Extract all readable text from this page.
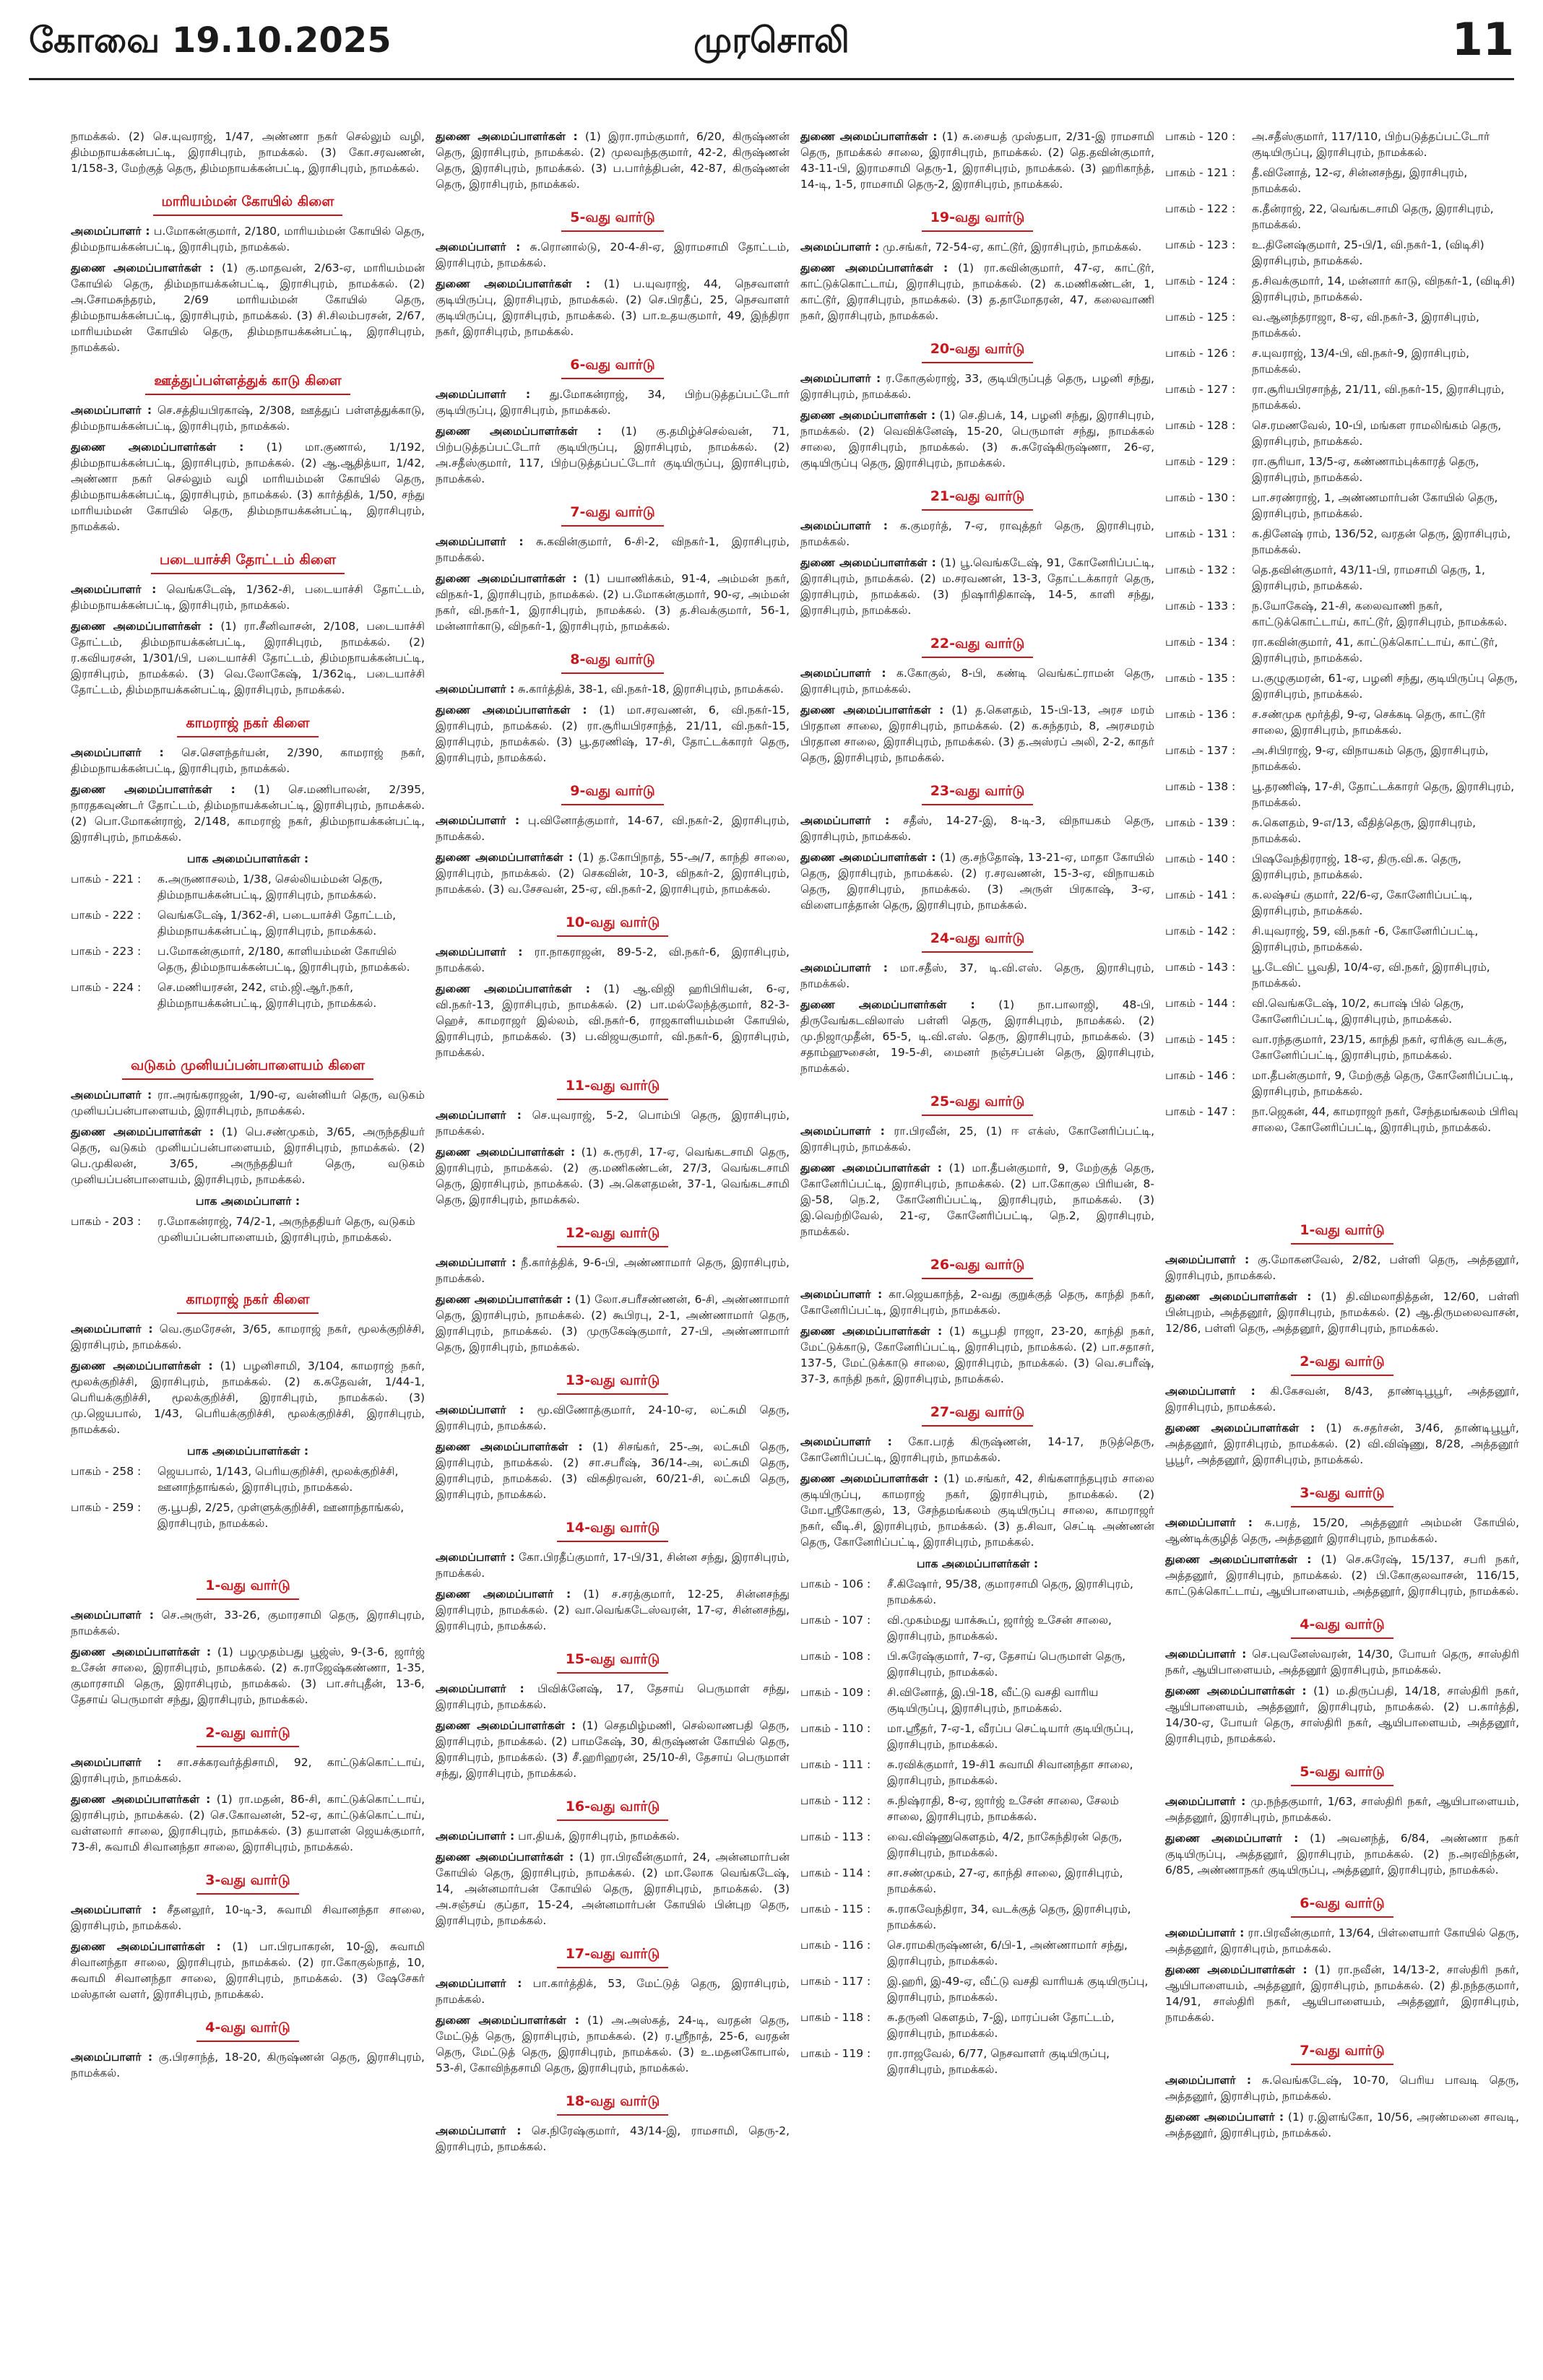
கோவை 19.10.2025	முரசொலி	11

நாமக்கல். (2) செ.யுவராஜ், 1/47, அண்ணா நகர் செல்லும் வழி, திம்மநாயக்கன்பட்டி, இராசிபுரம், நாமக்கல். (3) கோ.சரவணன், 1/158-3, மேற்குத் தெரு, திம்மநாயக்கன்பட்டி, இராசிபுரம், நாமக்கல்.

மாரியம்மன் கோயில் கிளை

அமைப்பாளர் : ப.மோகன்குமார், 2/180, மாரியம்மன் கோயில் தெரு, திம்மநாயக்கன்பட்டி, இராசிபுரம், நாமக்கல்.

துணை அமைப்பாளர்கள் : (1) கு.மாதவன், 2/63-ஏ, மாரியம்மன் கோயில் தெரு, திம்மநாயக்கன்பட்டி, இராசிபுரம், நாமக்கல். (2) அ.சோமசுந்தரம், 2/69 மாரியம்மன் கோயில் தெரு, திம்மநாயக்கன்பட்டி, இராசிபுரம், நாமக்கல். (3) சி.சிலம்பரசன், 2/67, மாரியம்மன் கோயில் தெரு, திம்மநாயக்கன்பட்டி, இராசிபுரம், நாமக்கல்.

ஊத்துப்பள்ளத்துக் காடு கிளை

அமைப்பாளர் : செ.சத்தியபிரகாஷ், 2/308, ஊத்துப் பள்ளத்துக்காடு, திம்மநாயக்கன்பட்டி, இராசிபுரம், நாமக்கல்.

துணை அமைப்பாளர்கள் : (1) மா.குணால், 1/192, திம்மநாயக்கன்பட்டி, இராசிபுரம், நாமக்கல். (2) ஆ.ஆதித்யா, 1/42, அண்ணா நகர் செல்லும் வழி மாரியம்மன் கோயில் தெரு, திம்மநாயக்கன்பட்டி, இராசிபுரம், நாமக்கல். (3) கார்த்திக், 1/50, சந்து மாரியம்மன் கோயில் தெரு, திம்மநாயக்கன்பட்டி, இராசிபுரம், நாமக்கல்.

படையாச்சி தோட்டம் கிளை

அமைப்பாளர் : வெங்கடேஷ், 1/362-சி, படையாச்சி தோட்டம், திம்மநாயக்கன்பட்டி, இராசிபுரம், நாமக்கல்.

துணை அமைப்பாளர்கள் : (1) ரா.சீனிவாசன், 2/108, படையாச்சி தோட்டம், திம்மநாயக்கன்பட்டி, இராசிபுரம், நாமக்கல். (2) ர.கவியரசன், 1/301/பி, படையாச்சி தோட்டம், திம்மநாயக்கன்பட்டி, இராசிபுரம், நாமக்கல். (3) வெ.லோகேஷ், 1/362டி, படையாச்சி தோட்டம், திம்மநாயக்கன்பட்டி, இராசிபுரம், நாமக்கல்.

காமராஜ் நகர் கிளை

அமைப்பாளர் : செ.சௌந்தர்யன், 2/390, காமராஜ் நகர், திம்மநாயக்கன்பட்டி, இராசிபுரம், நாமக்கல்.

துணை அமைப்பாளர்கள் : (1) செ.மணிபாலன், 2/395, நாரதகவுண்டர் தோட்டம், திம்மநாயக்கன்பட்டி, இராசிபுரம், நாமக்கல். (2) பொ.மோகன்ராஜ், 2/148, காமராஜ் நகர், திம்மநாயக்கன்பட்டி, இராசிபுரம், நாமக்கல்.

பாக அமைப்பாளர்கள் :
பாகம் - 221 :	க.அருணாசலம், 1/38, செல்லியம்மன் தெரு, திம்மநாயக்கன்பட்டி, இராசிபுரம், நாமக்கல்.
பாகம் - 222 :	வெங்கடேஷ், 1/362-சி, படையாச்சி தோட்டம், திம்மநாயக்கன்பட்டி, இராசிபுரம், நாமக்கல்.
பாகம் - 223 :	ப.மோகன்குமார், 2/180, காளியம்மன் கோயில் தெரு, திம்மநாயக்கன்பட்டி, இராசிபுரம், நாமக்கல்.
பாகம் - 224 :	செ.மணியரசன், 242, எம்.ஜி.ஆர்.நகர், திம்மநாயக்கன்பட்டி, இராசிபுரம், நாமக்கல்.
வடுகம் முனியப்பன்பாளையம் கிளை

அமைப்பாளர் : ரா.அரங்கராஜன், 1/90-ஏ, வன்னியர் தெரு, வடுகம் முனியப்பன்பாளையம், இராசிபுரம், நாமக்கல்.

துணை அமைப்பாளர்கள் : (1) பெ.சண்முகம், 3/65, அருந்ததியர் தெரு, வடுகம் முனியப்பன்பாளையம், இராசிபுரம், நாமக்கல். (2) பெ.முகிலன், 3/65, அருந்ததியர் தெரு, வடுகம் முனியப்பன்பாளையம், இராசிபுரம், நாமக்கல்.

பாக அமைப்பாளர் :
பாகம் - 203 :	ர.மோகன்ராஜ், 74/2-1, அருந்ததியர் தெரு, வடுகம் முனியப்பன்பாளையம், இராசிபுரம், நாமக்கல்.
காமராஜ் நகர் கிளை

அமைப்பாளர் : வெ.குமரேசன், 3/65, காமராஜ் நகர், மூலக்குறிச்சி, இராசிபுரம், நாமக்கல்.

துணை அமைப்பாளர்கள் : (1) பழனிசாமி, 3/104, காமராஜ் நகர், மூலக்குறிச்சி, இராசிபுரம், நாமக்கல். (2) க.சுதேவன், 1/44-1, பெரியக்குறிச்சி, மூலக்குறிச்சி, இராசிபுரம், நாமக்கல். (3) மு.ஜெயபால், 1/43, பெரியக்குறிச்சி, மூலக்குறிச்சி, இராசிபுரம், நாமக்கல்.

பாக அமைப்பாளர்கள் :
பாகம் - 258 :	ஜெயபால், 1/143, பெரியகுறிச்சி, மூலக்குறிச்சி, ஊனாந்தாங்கல், இராசிபுரம், நாமக்கல்.
பாகம் - 259 :	கு.பூபதி, 2/25, முள்ளுக்குறிச்சி, ஊனாந்தாங்கல், இராசிபுரம், நாமக்கல்.
1-வது வார்டு

அமைப்பாளர் : செ.அருள், 33-26, குமாரசாமி தெரு, இராசிபுரம், நாமக்கல்.

துணை அமைப்பாளர்கள் : (1) பழமுதம்பது பூஜ்ஸ், 9-(3-6, ஜார்ஜ் உசேன் சாலை, இராசிபுரம், நாமக்கல். (2) சு.ராஜேஷ்கண்ணா, 1-35, குமாரசாமி தெரு, இராசிபுரம், நாமக்கல். (3) பா.சர்புதீன், 13-6, தேசாய் பெருமாள் சந்து, இராசிபுரம், நாமக்கல்.

2-வது வார்டு

அமைப்பாளர் : சா.சக்கரவர்த்திசாமி, 92, காட்டுக்கொட்டாய், இராசிபுரம், நாமக்கல்.

துணை அமைப்பாளர்கள் : (1) ரா.மதன், 86-சி, காட்டுக்கொட்டாய், இராசிபுரம், நாமக்கல். (2) செ.கோவனன், 52-ஏ, காட்டுக்கொட்டாய், வள்ளலார் சாலை, இராசிபுரம், நாமக்கல். (3) தயாளன் ஜெயக்குமார், 73-சி, சுவாமி சிவானந்தா சாலை, இராசிபுரம், நாமக்கல்.

3-வது வார்டு

அமைப்பாளர் : சீதனலூர், 10-டி-3, சுவாமி சிவானந்தா சாலை, இராசிபுரம், நாமக்கல்.

துணை அமைப்பாளர்கள் : (1) பா.பிரபாகரன், 10-இ, சுவாமி சிவானந்தா சாலை, இராசிபுரம், நாமக்கல். (2) ரா.கோகுல்நாத், 10, சுவாமி சிவானந்தா சாலை, இராசிபுரம், நாமக்கல். (3) ஷேசேகர் மஸ்தான் வளர், இராசிபுரம், நாமக்கல்.

4-வது வார்டு

அமைப்பாளர் : கு.பிரசாந்த், 18-20, கிருஷ்ணன் தெரு, இராசிபுரம், நாமக்கல்.

துணை அமைப்பாளர்கள் : (1) இரா.ராம்குமார், 6/20, கிருஷ்ணன் தெரு, இராசிபுரம், நாமக்கல். (2) முலவந்தகுமார், 42-2, கிருஷ்ணன் தெரு, இராசிபுரம், நாமக்கல். (3) ப.பார்த்திபன், 42-87, கிருஷ்ணன் தெரு, இராசிபுரம், நாமக்கல்.

5-வது வார்டு

அமைப்பாளர் : சு.ரொனால்டு, 20-4-சி-ஏ, இராமசாமி தோட்டம், இராசிபுரம், நாமக்கல்.

துணை அமைப்பாளர்கள் : (1) ப.யுவராஜ், 44, நெசவாளர் குடியிருப்பு, இராசிபுரம், நாமக்கல். (2) செ.பிரதீப், 25, நெசவாளர் குடியிருப்பு, இராசிபுரம், நாமக்கல். (3) பா.உதயகுமார், 49, இந்திரா நகர், இராசிபுரம், நாமக்கல்.

6-வது வார்டு

அமைப்பாளர் : து.மோகன்ராஜ், 34, பிற்படுத்தப்பட்டோர் குடியிருப்பு, இராசிபுரம், நாமக்கல்.

துணை அமைப்பாளர்கள் : (1) கு.தமிழ்ச்செல்வன், 71, பிற்படுத்தப்பட்டோர் குடியிருப்பு, இராசிபுரம், நாமக்கல். (2) அ.சதீஸ்குமார், 117, பிற்படுத்தப்பட்டோர் குடியிருப்பு, இராசிபுரம், நாமக்கல்.

7-வது வார்டு

அமைப்பாளர் : சு.கவின்குமார், 6-சி-2, விநகர்-1, இராசிபுரம், நாமக்கல்.

துணை அமைப்பாளர்கள் : (1) பயாணிக்கம், 91-4, அம்மன் நகர், விநகர்-1, இராசிபுரம், நாமக்கல். (2) ப.மோகன்குமார், 90-ஏ, அம்மன் நகர், வி.நகர்-1, இராசிபுரம், நாமக்கல். (3) த.சிவக்குமார், 56-1, மன்னார்காடு, விநகர்-1, இராசிபுரம், நாமக்கல்.

8-வது வார்டு

அமைப்பாளர் : சு.கார்த்திக், 38-1, வி.நகர்-18, இராசிபுரம், நாமக்கல்.

துணை அமைப்பாளர்கள் : (1) மா.சரவணன், 6, வி.நகர்-15, இராசிபுரம், நாமக்கல். (2) ரா.சூரியபிரசாந்த், 21/11, வி.நகர்-15, இராசிபுரம், நாமக்கல். (3) பூ.தரணிஷ், 17-சி, தோட்டக்காரர் தெரு, இராசிபுரம், நாமக்கல்.

9-வது வார்டு

அமைப்பாளர் : பு.வினோத்குமார், 14-67, வி.நகர்-2, இராசிபுரம், நாமக்கல்.

துணை அமைப்பாளர்கள் : (1) த.கோபிநாத், 55-அ/7, காந்தி சாலை, இராசிபுரம், நாமக்கல். (2) செகவின், 10-3, விநகர்-2, இராசிபுரம், நாமக்கல். (3) வ.சேசவன், 25-ஏ, வி.நகர்-2, இராசிபுரம், நாமக்கல்.

10-வது வார்டு

அமைப்பாளர் : ரா.நாகராஜன், 89-5-2, வி.நகர்-6, இராசிபுரம், நாமக்கல்.

துணை அமைப்பாளர்கள் : (1) ஆ.விஜி ஹரிபிரியன், 6-ஏ, வி.நகர்-13, இராசிபுரம், நாமக்கல். (2) பா.மல்லேந்த்குமார், 82-3-ஹெச், காமராஜர் இல்லம், வி.நகர்-6, ராஜகாளியம்மன் கோயில், இராசிபுரம், நாமக்கல். (3) ப.விஜயகுமார், வி.நகர்-6, இராசிபுரம், நாமக்கல்.

11-வது வார்டு

அமைப்பாளர் : செ.யுவராஜ், 5-2, பொம்பி தெரு, இராசிபுரம், நாமக்கல்.

துணை அமைப்பாளர்கள் : (1) சு.ரூரசி, 17-ஏ, வெங்கடசாமி தெரு, இராசிபுரம், நாமக்கல். (2) கு.மணிகண்டன், 27/3, வெங்கடசாமி தெரு, இராசிபுரம், நாமக்கல். (3) அ.கௌதமன், 37-1, வெங்கடசாமி தெரு, இராசிபுரம், நாமக்கல்.

12-வது வார்டு

அமைப்பாளர் : நீ.கார்த்திக், 9-6-பி, அண்ணாமார் தெரு, இராசிபுரம், நாமக்கல்.

துணை அமைப்பாளர்கள் : (1) லோ.சபரீசண்ணன், 6-சி, அண்ணாமார் தெரு, இராசிபுரம், நாமக்கல். (2) கூபிரபு, 2-1, அண்ணாமார் தெரு, இராசிபுரம், நாமக்கல். (3) முருகேஷ்குமார், 27-பி, அண்ணாமார் தெரு, இராசிபுரம், நாமக்கல்.

13-வது வார்டு

அமைப்பாளர் : மூ.விணோத்குமார், 24-10-ஏ, லட்சுமி தெரு, இராசிபுரம், நாமக்கல்.

துணை அமைப்பாளர்கள் : (1) சிசங்கர், 25-அ, லட்சுமி தெரு, இராசிபுரம், நாமக்கல். (2) சா.சபரீஷ், 36/14-அ, லட்சுமி தெரு, இராசிபுரம், நாமக்கல். (3) விகதிரவன், 60/21-சி, லட்சுமி தெரு, இராசிபுரம், நாமக்கல்.

14-வது வார்டு

அமைப்பாளர் : கோ.பிரதீப்குமார், 17-பி/31, சின்ன சந்து, இராசிபுரம், நாமக்கல்.

துணை அமைப்பாளர் : (1) ச.சரத்குமார், 12-25, சின்னசந்து இராசிபுரம், நாமக்கல். (2) வா.வெங்கடேஸ்வரன், 17-ஏ, சின்னசந்து, இராசிபுரம், நாமக்கல்.

15-வது வார்டு

அமைப்பாளர் : பிவிக்னேஷ், 17, தேசாய் பெருமாள் சந்து, இராசிபுரம், நாமக்கல்.

துணை அமைப்பாளர்கள் : (1) செதமிழ்மணி, செல்லாணபதி தெரு, இராசிபுரம், நாமக்கல். (2) பாமகேஷ், 30, கிருஷ்ணன் கோயில் தெரு, இராசிபுரம், நாமக்கல். (3) சீ.ஹரிஹரன், 25/10-சி, தேசாய் பெருமாள் சந்து, இராசிபுரம், நாமக்கல்.

16-வது வார்டு

அமைப்பாளர் : பா.தியக், இராசிபுரம், நாமக்கல்.

துணை அமைப்பாளர்கள் : (1) ரா.பிரவீன்குமார், 24, அன்னமார்பன் கோயில் தெரு, இராசிபுரம், நாமக்கல். (2) மா.லோக வெங்கடேஷ், 14, அன்னமார்பன் கோயில் தெரு, இராசிபுரம், நாமக்கல். (3) அ.சஞ்சய் குப்தா, 15-24, அன்னமார்பன் கோயில் பின்புற தெரு, இராசிபுரம், நாமக்கல்.

17-வது வார்டு

அமைப்பாளர் : பா.கார்த்திக், 53, மேட்டுத் தெரு, இராசிபுரம், நாமக்கல்.

துணை அமைப்பாளர்கள் : (1) அ.அஸ்கத், 24-டி, வரதன் தெரு, மேட்டுத் தெரு, இராசிபுரம், நாமக்கல். (2) ர.ஸ்ரீநாத், 25-6, வரதன் தெரு, மேட்டுத் தெரு, இராசிபுரம், நாமக்கல். (3) உ.மதனகோபால், 53-சி, கோவிந்தசாமி தெரு, இராசிபுரம், நாமக்கல்.

18-வது வார்டு

அமைப்பாளர் : செ.நிரேஷ்குமார், 43/14-இ, ராமசாமி, தெரு-2, இராசிபுரம், நாமக்கல்.

துணை அமைப்பாளர்கள் : (1) சு.சையத் முஸ்தபா, 2/31-இ ராமசாமி தெரு, நாமக்கல் சாலை, இராசிபுரம், நாமக்கல். (2) தெ.தவின்குமார், 43-11-பி, இராமசாமி தெரு-1, இராசிபுரம், நாமக்கல். (3) ஹரிகாந்த், 14-டி, 1-5, ராமசாமி தெரு-2, இராசிபுரம், நாமக்கல்.

19-வது வார்டு

அமைப்பாளர் : மு.சங்கர், 72-54-ஏ, காட்டூர், இராசிபுரம், நாமக்கல்.

துணை அமைப்பாளர்கள் : (1) ரா.கவின்குமார், 47-ஏ, காட்டூர், காட்டுக்கொட்டாய், இராசிபுரம், நாமக்கல். (2) க.மணிகண்டன், 1, காட்டூர், இராசிபுரம், நாமக்கல். (3) த.தாமோதரன், 47, கலைவாணி நகர், இராசிபுரம், நாமக்கல்.

20-வது வார்டு

அமைப்பாளர் : ர.கோகுல்ராஜ், 33, குடியிருப்புத் தெரு, பழனி சந்து, இராசிபுரம், நாமக்கல்.

துணை அமைப்பாளர்கள் : (1) செ.திபக், 14, பழனி சந்து, இராசிபுரம், நாமக்கல். (2) வெவிக்னேஷ், 15-20, பெருமாள் சந்து, நாமக்கல் சாலை, இராசிபுரம், நாமக்கல். (3) சு.சுரேஷ்கிருஷ்ணா, 26-ஏ, குடியிருப்பு தெரு, இராசிபுரம், நாமக்கல்.

21-வது வார்டு

அமைப்பாளர் : க.குமரர்த், 7-ஏ, ராவுத்தர் தெரு, இராசிபுரம், நாமக்கல்.

துணை அமைப்பாளர்கள் : (1) பூ.வெங்கடேஷ், 91, கோனேரிப்பட்டி, இராசிபுரம், நாமக்கல். (2) ம.சரவணன், 13-3, தோட்டக்காரர் தெரு, இராசிபுரம், நாமக்கல். (3) நிஷாரிதிகாஷ், 14-5, காளி சந்து, இராசிபுரம், நாமக்கல்.

22-வது வார்டு

அமைப்பாளர் : க.கோகுல், 8-பி, கண்டி வெங்கட்ராமன் தெரு, இராசிபுரம், நாமக்கல்.

துணை அமைப்பாளர்கள் : (1) த.கௌதம், 15-பி-13, அரச மரம் பிரதான சாலை, இராசிபுரம், நாமக்கல். (2) க.சுந்தரம், 8, அரசமரம் பிரதான சாலை, இராசிபுரம், நாமக்கல். (3) த.அஸ்ரப் அலி, 2-2, காதர் தெரு, இராசிபுரம், நாமக்கல்.

23-வது வார்டு

அமைப்பாளர் : சதீஸ், 14-27-இ, 8-டி-3, விநாயகம் தெரு, இராசிபுரம், நாமக்கல்.

துணை அமைப்பாளர்கள் : (1) கு.சந்தோஷ், 13-21-ஏ, மாதா கோயில் தெரு, இராசிபுரம், நாமக்கல். (2) ர.சரவணன், 15-3-ஏ, விநாயகம் தெரு, இராசிபுரம், நாமக்கல். (3) அருள் பிரகாஷ், 3-ஏ, விளைபாத்தான் தெரு, இராசிபுரம், நாமக்கல்.

24-வது வார்டு

அமைப்பாளர் : மா.சதீஸ், 37, டி.வி.எஸ். தெரு, இராசிபுரம், நாமக்கல்.

துணை அமைப்பாளர்கள் : (1) நா.பாலாஜி, 48-பி, திருவேங்கடவிலாஸ் பள்ளி தெரு, இராசிபுரம், நாமக்கல். (2) மு.நிஜாமுதீன், 65-5, டி.வி.எஸ். தெரு, இராசிபுரம், நாமக்கல். (3) சதாம்ஹுசைன், 19-5-சி, மைனர் நஞ்சப்பன் தெரு, இராசிபுரம், நாமக்கல்.

25-வது வார்டு

அமைப்பாளர் : ரா.பிரவீன், 25, (1) ஈ எக்ஸ், கோனேரிப்பட்டி, இராசிபுரம், நாமக்கல்.

துணை அமைப்பாளர்கள் : (1) மா.தீபன்குமார், 9, மேற்குத் தெரு, கோனேரிப்பட்டி, இராசிபுரம், நாமக்கல். (2) பா.கோகுல பிரியன், 8-இ-58, நெ.2, கோனேரிப்பட்டி, இராசிபுரம், நாமக்கல். (3) இ.வெற்றிவேல், 21-ஏ, கோனேரிப்பட்டி, நெ.2, இராசிபுரம், நாமக்கல்.

26-வது வார்டு

அமைப்பாளர் : கா.ஜெயகாந்த், 2-வது குறுக்குத் தெரு, காந்தி நகர், கோனேரிப்பட்டி, இராசிபுரம், நாமக்கல்.

துணை அமைப்பாளர்கள் : (1) கபூபதி ராஜா, 23-20, காந்தி நகர், மேட்டுக்காடு, கோனேரிப்பட்டி, இராசிபுரம், நாமக்கல். (2) பா.சதாசர், 137-5, மேட்டுக்காடு சாலை, இராசிபுரம், நாமக்கல். (3) வெ.சபரீஷ், 37-3, காந்தி நகர், இராசிபுரம், நாமக்கல்.

27-வது வார்டு

அமைப்பாளர் : கோ.பரத் கிருஷ்ணன், 14-17, நடுத்தெரு, கோனேரிப்பட்டி, இராசிபுரம், நாமக்கல்.

துணை அமைப்பாளர்கள் : (1) ம.சங்கர், 42, சிங்களாந்தபுரம் சாலை குடியிருப்பு, காமராஜ் நகர், இராசிபுரம், நாமக்கல். (2) மோ.ஸ்ரீகோகுல், 13, சேந்தமங்கலம் குடியிருப்பு சாலை, காமராஜர் நகர், வீடி.சி, இராசிபுரம், நாமக்கல். (3) த.சிவா, செட்டி அண்ணன் தெரு, கோனேரிப்பட்டி, இராசிபுரம், நாமக்கல்.

பாக அமைப்பாளர்கள் :
பாகம் - 106 :	சீ.கிஷோர், 95/38, குமாரசாமி தெரு, இராசிபுரம், நாமக்கல்.
பாகம் - 107 :	வி.முகம்மது யாக்கூப், ஜார்ஜ் உசேன் சாலை, இராசிபுரம், நாமக்கல்.
பாகம் - 108 :	பி.சுரேஷ்குமார், 7-ஏ, தேசாய் பெருமாள் தெரு, இராசிபுரம், நாமக்கல்.
பாகம் - 109 :	சி.வினோத், இ.பி-18, வீட்டு வசதி வாரிய குடியிருப்பு, இராசிபுரம், நாமக்கல்.
பாகம் - 110 :	மா.ஸ்ரீதர், 7-ஏ-1, வீரப்ப செட்டியார் குடியிருப்பு, இராசிபுரம், நாமக்கல்.
பாகம் - 111 :	சு.ரவிக்குமார், 19-சி1 சுவாமி சிவானந்தா சாலை, இராசிபுரம், நாமக்கல்.
பாகம் - 112 :	சு.நிஷ்ராதி, 8-ஏ, ஜார்ஜ் உசேன் சாலை, சேலம் சாலை, இராசிபுரம், நாமக்கல்.
பாகம் - 113 :	வை.விஷ்ணுகௌதம், 4/2, நாகேந்திரன் தெரு, இராசிபுரம், நாமக்கல்.
பாகம் - 114 :	சா.சண்முகம், 27-ஏ, காந்தி சாலை, இராசிபுரம், நாமக்கல்.
பாகம் - 115 :	சு.ராகவேந்திரா, 34, வடக்குத் தெரு, இராசிபுரம், நாமக்கல்.
பாகம் - 116 :	செ.ராமகிருஷ்ணன், 6/பி-1, அண்ணாமார் சந்து, இராசிபுரம், நாமக்கல்.
பாகம் - 117 :	இ.ஹரி, இ-49-ஏ, வீட்டு வசதி வாரியக் குடியிருப்பு, இராசிபுரம், நாமக்கல்.
பாகம் - 118 :	சு.தருனி கௌதம், 7-இ, மாரப்பன் தோட்டம், இராசிபுரம், நாமக்கல்.
பாகம் - 119 :	ரா.ராஜவேல், 6/77, நெசவாளர் குடியிருப்பு, இராசிபுரம், நாமக்கல்.
பாகம் - 120 :	அ.சதீஸ்குமார், 117/110, பிற்படுத்தப்பட்டோர் குடியிருப்பு, இராசிபுரம், நாமக்கல்.
பாகம் - 121 :	தீ.வினோத், 12-ஏ, சின்னசந்து, இராசிபுரம், நாமக்கல்.
பாகம் - 122 :	க.தீன்ராஜ், 22, வெங்கடசாமி தெரு, இராசிபுரம், நாமக்கல்.
பாகம் - 123 :	உ.தினேஷ்குமார், 25-பி/1, வி.நகர்-1, (விடிசி) இராசிபுரம், நாமக்கல்.
பாகம் - 124 :	த.சிவக்குமார், 14, மன்னார் காடு, விநகர்-1, (விடிசி) இராசிபுரம், நாமக்கல்.
பாகம் - 125 :	வ.ஆனந்தராஜா, 8-ஏ, வி.நகர்-3, இராசிபுரம், நாமக்கல்.
பாகம் - 126 :	ச.யுவராஜ், 13/4-பி, வி.நகர்-9, இராசிபுரம், நாமக்கல்.
பாகம் - 127 :	ரா.சூரியபிரசாந்த், 21/11, வி.நகர்-15, இராசிபுரம், நாமக்கல்.
பாகம் - 128 :	செ.ரமணவேல், 10-பி, மங்கள ராமலிங்கம் தெரு, இராசிபுரம், நாமக்கல்.
பாகம் - 129 :	ரா.சூரியா, 13/5-ஏ, கண்ணாம்புக்காரத் தெரு, இராசிபுரம், நாமக்கல்.
பாகம் - 130 :	பா.சரண்ராஜ், 1, அண்ணமார்பன் கோயில் தெரு, இராசிபுரம், நாமக்கல்.
பாகம் - 131 :	க.தினேஷ் ராம், 136/52, வரதன் தெரு, இராசிபுரம், நாமக்கல்.
பாகம் - 132 :	தெ.தவின்குமார், 43/11-பி, ராமசாமி தெரு, 1, இராசிபுரம், நாமக்கல்.
பாகம் - 133 :	ந.யோகேஷ், 21-சி, கலைவாணி நகர், காட்டுக்கொட்டாய், காட்டூர், இராசிபுரம், நாமக்கல்.
பாகம் - 134 :	ரா.கவின்குமார், 41, காட்டுக்கொட்டாய், காட்டூர், இராசிபுரம், நாமக்கல்.
பாகம் - 135 :	ப.குழுகுமரன், 61-ஏ, பழனி சந்து, குடியிருப்பு தெரு, இராசிபுரம், நாமக்கல்.
பாகம் - 136 :	ச.சண்முக மூர்த்தி, 9-ஏ, செக்கடி தெரு, காட்டூர் சாலை, இராசிபுரம், நாமக்கல்.
பாகம் - 137 :	அ.சிபிராஜ், 9-ஏ, விநாயகம் தெரு, இராசிபுரம், நாமக்கல்.
பாகம் - 138 :	பூ.தரணிஷ், 17-சி, தோட்டக்காரர் தெரு, இராசிபுரம், நாமக்கல்.
பாகம் - 139 :	சு.கௌதம், 9-எ/13, வீதித்தெரு, இராசிபுரம், நாமக்கல்.
பாகம் - 140 :	பிஷவேந்திரராஜ், 18-ஏ, திரு.வி.க. தெரு, இராசிபுரம், நாமக்கல்.
பாகம் - 141 :	க.லஷ்சய் குமார், 22/6-ஏ, கோனேரிப்பட்டி, இராசிபுரம், நாமக்கல்.
பாகம் - 142 :	சி.யுவராஜ், 59, வி.நகர் -6, கோனேரிப்பட்டி, இராசிபுரம், நாமக்கல்.
பாகம் - 143 :	பூ.டேவிட் பூவதி, 10/4-ஏ, வி.நகர், இராசிபுரம், நாமக்கல்.
பாகம் - 144 :	வி.வெங்கடேஷ், 10/2, சுபாஷ் பில் தெரு, கோனேரிப்பட்டி, இராசிபுரம், நாமக்கல்.
பாகம் - 145 :	வா.ரந்தகுமார், 23/15, காந்தி நகர், ஏரிக்கு வடக்கு, கோனேரிப்பட்டி, இராசிபுரம், நாமக்கல்.
பாகம் - 146 :	மா.தீபன்குமார், 9, மேற்குத் தெரு, கோனேரிப்பட்டி, இராசிபுரம், நாமக்கல்.
பாகம் - 147 :	நா.ஜெகன், 44, காமராஜர் நகர், சேந்தமங்கலம் பிரிவு சாலை, கோனேரிப்பட்டி, இராசிபுரம், நாமக்கல்.
1-வது வார்டு

அமைப்பாளர் : கு.மோகனவேல், 2/82, பள்ளி தெரு, அத்தனூர், இராசிபுரம், நாமக்கல்.

துணை அமைப்பாளர்கள் : (1) தி.விமலாதித்தன், 12/60, பள்ளி பின்புறம், அத்தனூர், இராசிபுரம், நாமக்கல். (2) ஆ.திருமலைவாசன், 12/86, பள்ளி தெரு, அத்தனூர், இராசிபுரம், நாமக்கல்.

2-வது வார்டு

அமைப்பாளர் : கி.கேசவன், 8/43, தாண்டிபூபூர், அத்தனூர், இராசிபுரம், நாமக்கல்.

துணை அமைப்பாளர்கள் : (1) சு.சதர்சன், 3/46, தாண்டிபூபூர், அத்தனூர், இராசிபுரம், நாமக்கல். (2) வி.விஷ்ணு, 8/28, அத்தனூர் பூபூர், அத்தனூர், இராசிபுரம், நாமக்கல்.

3-வது வார்டு

அமைப்பாளர் : சு.பரத், 15/20, அத்தனூர் அம்மன் கோயில், ஆண்டிக்குழித் தெரு, அத்தனூர் இராசிபுரம், நாமக்கல்.

துணை அமைப்பாளர்கள் : (1) செ.சுரேஷ், 15/137, சபரி நகர், அத்தனூர், இராசிபுரம், நாமக்கல். (2) பி.கோகுலவாசன், 116/15, காட்டுக்கொட்டாய், ஆயிபாளையம், அத்தனூர், இராசிபுரம், நாமக்கல்.

4-வது வார்டு

அமைப்பாளர் : செ.புவனேஸ்வரன், 14/30, போயர் தெரு, சாஸ்திரி நகர், ஆயிபாளையம், அத்தனூர் இராசிபுரம், நாமக்கல்.

துணை அமைப்பாளர்கள் : (1) ம.திருப்பதி, 14/18, சாஸ்திரி நகர், ஆயிபாளையம், அத்தனூர், இராசிபுரம், நாமக்கல். (2) ப.கார்த்தி, 14/30-ஏ, போயர் தெரு, சாஸ்திரி நகர், ஆயிபாளையம், அத்தனூர், இராசிபுரம், நாமக்கல்.

5-வது வார்டு

அமைப்பாளர் : மு.நந்தகுமார், 1/63, சாஸ்திரி நகர், ஆயிபாளையம், அத்தனூர், இராசிபுரம், நாமக்கல்.

துணை அமைப்பாளர் : (1) அவனந்த், 6/84, அண்ணா நகர் குடியிருப்பு, அத்தனூர், இராசிபுரம், நாமக்கல். (2) ந.அரவிந்தன், 6/85, அண்ணாநகர் குடியிருப்பு, அத்தனூர், இராசிபுரம், நாமக்கல்.

6-வது வார்டு

அமைப்பாளர் : ரா.பிரவீன்குமார், 13/64, பிள்ளையார் கோயில் தெரு, அத்தனூர், இராசிபுரம், நாமக்கல்.

துணை அமைப்பாளர்கள் : (1) ரா.நவீன், 14/13-2, சாஸ்திரி நகர், ஆயிபாளையம், அத்தனூர், இராசிபுரம், நாமக்கல். (2) தி.நந்தகுமார், 14/91, சாஸ்திரி நகர், ஆயிபாளையம், அத்தனூர், இராசிபுரம், நாமக்கல்.

7-வது வார்டு

அமைப்பாளர் : சு.வெங்கடேஷ், 10-70, பெரிய பாவடி தெரு, அத்தனூர், இராசிபுரம், நாமக்கல்.

துணை அமைப்பாளர் : (1) ர.இளங்கோ, 10/56, அரண்மனை சாவடி, அத்தனூர், இராசிபுரம், நாமக்கல்.
